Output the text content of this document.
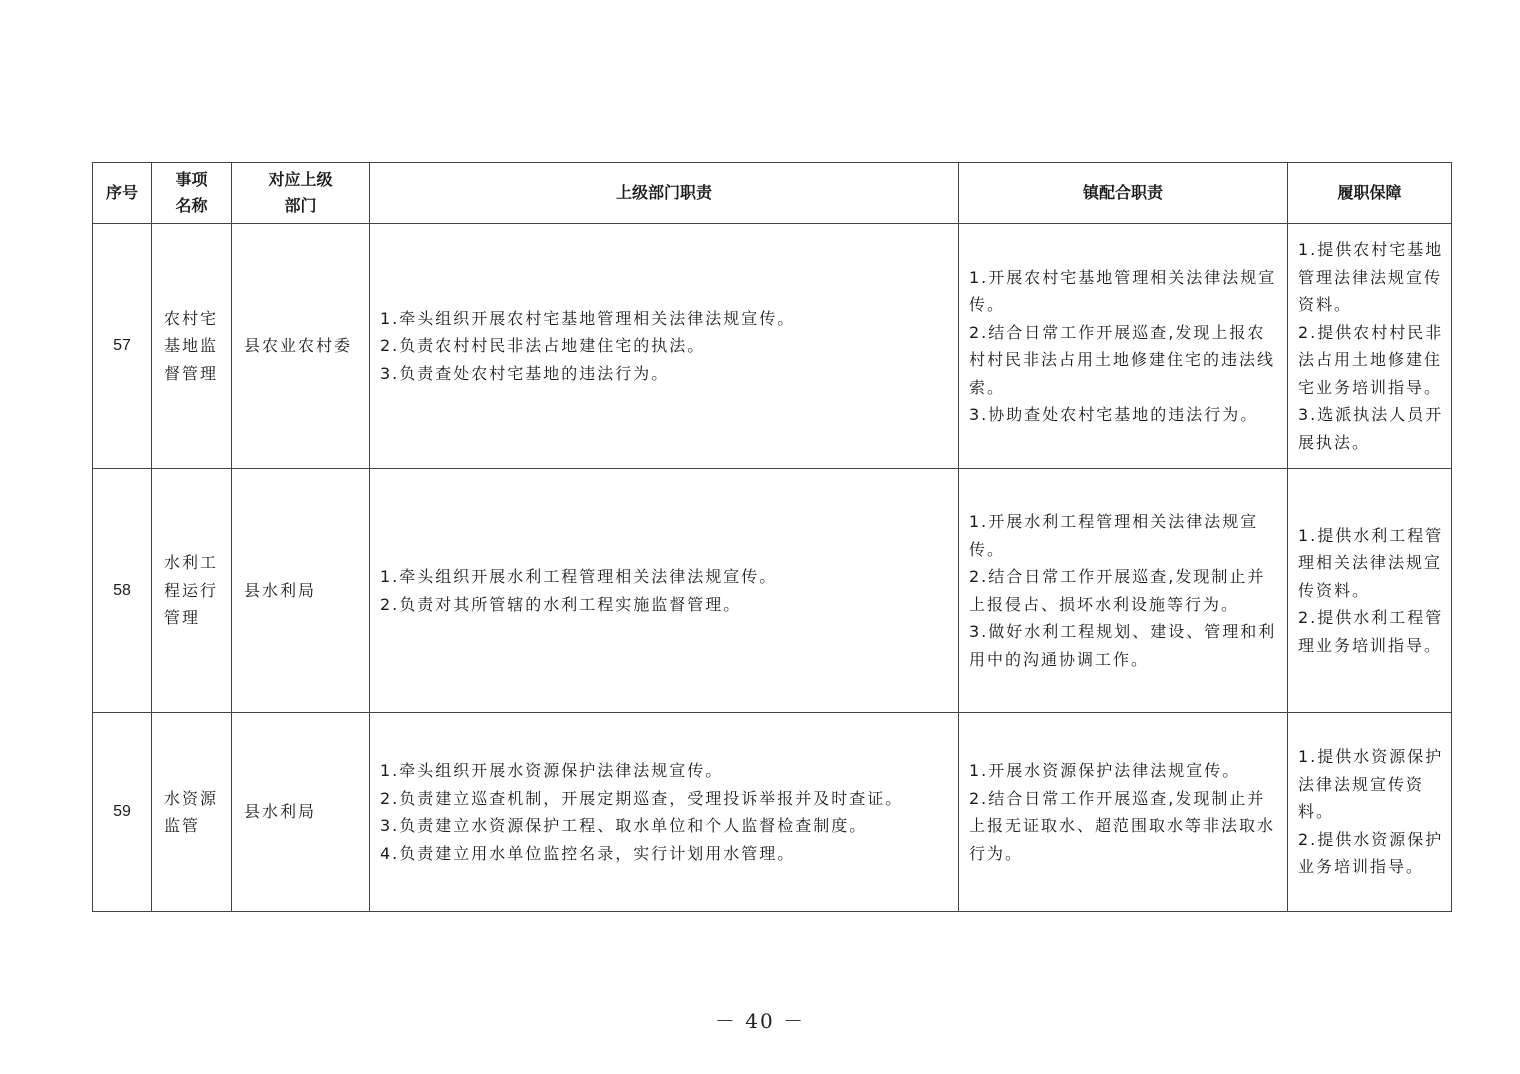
序号	事项
名称	对应上级
部门	上级部门职责	镇配合职责	履职保障
57	农村宅基地监督管理	县农业农村委	1.牵头组织开展农村宅基地管理相关法律法规宣传。
2.负责农村村民非法占地建住宅的执法。
3.负责查处农村宅基地的违法行为。	1.开展农村宅基地管理相关法律法规宣传。
2.结合日常工作开展巡查,发现上报农村村民非法占用土地修建住宅的违法线索。
3.协助查处农村宅基地的违法行为。	1.提供农村宅基地管理法律法规宣传资料。
2.提供农村村民非法占用土地修建住宅业务培训指导。
3.选派执法人员开展执法。

58	水利工程运行管理	县水利局	1.牵头组织开展水利工程管理相关法律法规宣传。
2.负责对其所管辖的水利工程实施监督管理。	1.开展水利工程管理相关法律法规宣传。
2.结合日常工作开展巡查,发现制止并上报侵占、损坏水利设施等行为。
3.做好水利工程规划、建设、管理和利用中的沟通协调工作。	1.提供水利工程管理相关法律法规宣传资料。
2.提供水利工程管理业务培训指导。

59	水资源监管	县水利局	1.牵头组织开展水资源保护法律法规宣传。
2.负责建立巡查机制，开展定期巡查，受理投诉举报并及时查证。
3.负责建立水资源保护工程、取水单位和个人监督检查制度。
4.负责建立用水单位监控名录，实行计划用水管理。	1.开展水资源保护法律法规宣传。
2.结合日常工作开展巡查,发现制止并上报无证取水、超范围取水等非法取水行为。	1.提供水资源保护法律法规宣传资料。
2.提供水资源保护业务培训指导。
－ 40 －
